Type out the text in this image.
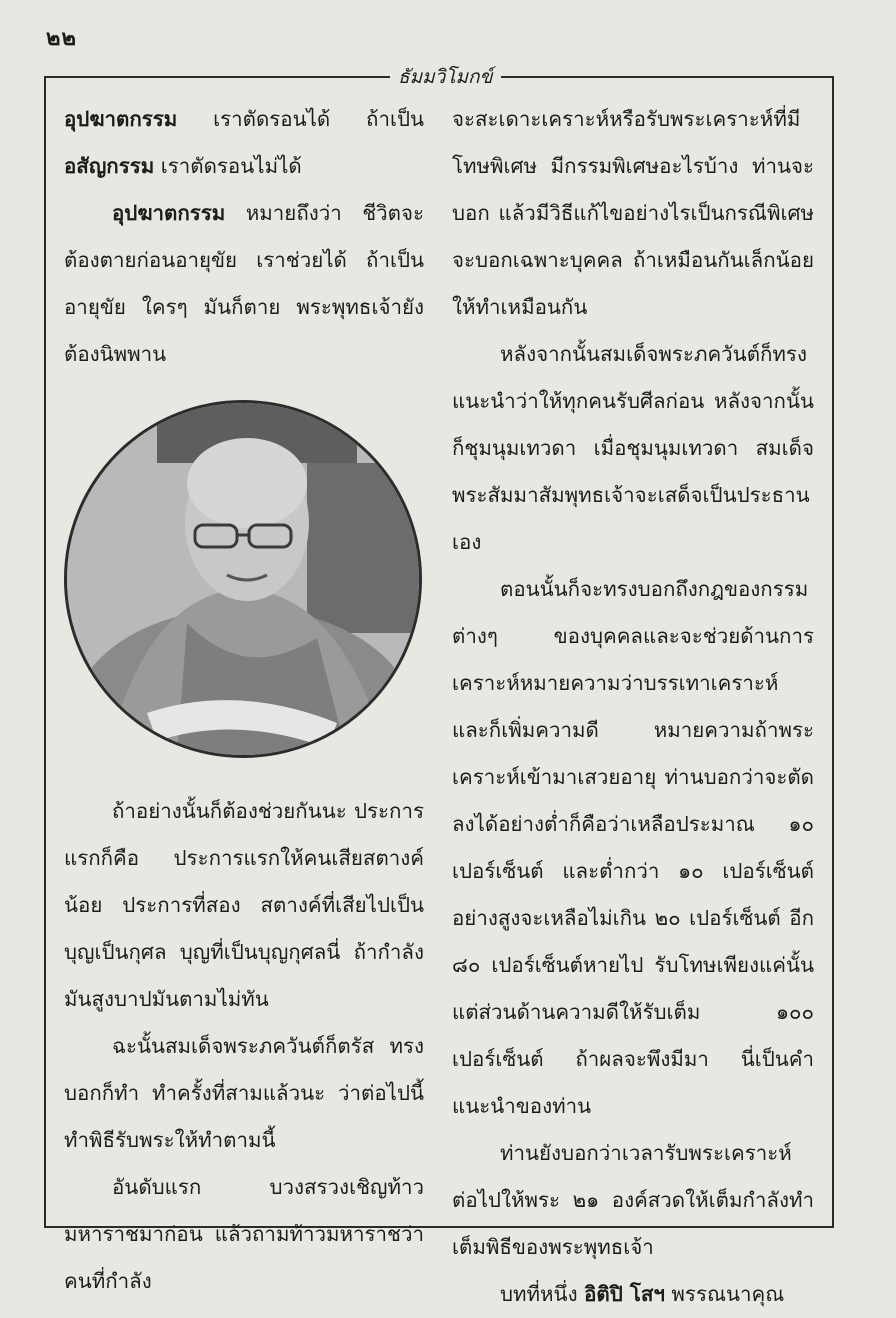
๒๒
ธัมมวิโมกข์

อุปฆาตกรรม เราตัดรอนได้ ถ้าเป็น อสัญกรรม เราตัดรอนไม่ได้

อุปฆาตกรรม หมายถึงว่า ชีวิตจะต้องตายก่อนอายุขัย เราช่วยได้ ถ้าเป็นอายุขัย ใครๆ มันก็ตาย พระพุทธเจ้ายังต้องนิพพาน

ถ้าอย่างนั้นก็ต้องช่วยกันนะ ประการแรกก็คือ ประการแรกให้คนเสียสตางค์น้อย ประการที่สอง สตางค์ที่เสียไปเป็นบุญเป็นกุศล บุญที่เป็นบุญกุศลนี่ ถ้ากำลังมันสูงบาปมันตามไม่ทัน

ฉะนั้นสมเด็จพระภควันต์ก็ตรัส ทรงบอกก็ทำ ทำครั้งที่สามแล้วนะ ว่าต่อไปนี้ทำพิธีรับพระให้ทำตามนี้

อันดับแรก บวงสรวงเชิญท้าวมหาราชมาก่อน แล้วถามท้าวมหาราชว่า คนที่กำลัง

จะสะเดาะเคราะห์หรือรับพระเคราะห์ที่มีโทษพิเศษ มีกรรมพิเศษอะไรบ้าง ท่านจะบอก แล้วมีวิธีแก้ไขอย่างไรเป็นกรณีพิเศษ จะบอกเฉพาะบุคคล ถ้าเหมือนกันเล็กน้อยให้ทำเหมือนกัน

หลังจากนั้นสมเด็จพระภควันต์ก็ทรงแนะนำว่าให้ทุกคนรับศีลก่อน หลังจากนั้นก็ชุมนุมเทวดา เมื่อชุมนุมเทวดา สมเด็จพระสัมมาสัมพุทธเจ้าจะเสด็จเป็นประธานเอง

ตอนนั้นก็จะทรงบอกถึงกฎของกรรมต่างๆ ของบุคคลและจะช่วยด้านการเคราะห์หมายความว่าบรรเทาเคราะห์ และก็เพิ่มความดี หมายความถ้าพระเคราะห์เข้ามาเสวยอายุ ท่านบอกว่าจะตัดลงได้อย่างต่ำก็คือว่าเหลือประมาณ ๑๐ เปอร์เซ็นต์ และต่ำกว่า ๑๐ เปอร์เซ็นต์ อย่างสูงจะเหลือไม่เกิน ๒๐ เปอร์เซ็นต์ อีก ๘๐ เปอร์เซ็นต์หายไป รับโทษเพียงแค่นั้น แต่ส่วนด้านความดีให้รับเต็ม ๑๐๐ เปอร์เซ็นต์ ถ้าผลจะพึงมีมา นี่เป็นคำแนะนำของท่าน

ท่านยังบอกว่าเวลารับพระเคราะห์ต่อไปให้พระ ๒๑ องค์สวดให้เต็มกำลังทำเต็มพิธีของพระพุทธเจ้า

บทที่หนึ่ง อิติปิ โสฯ พรรณนาคุณ
